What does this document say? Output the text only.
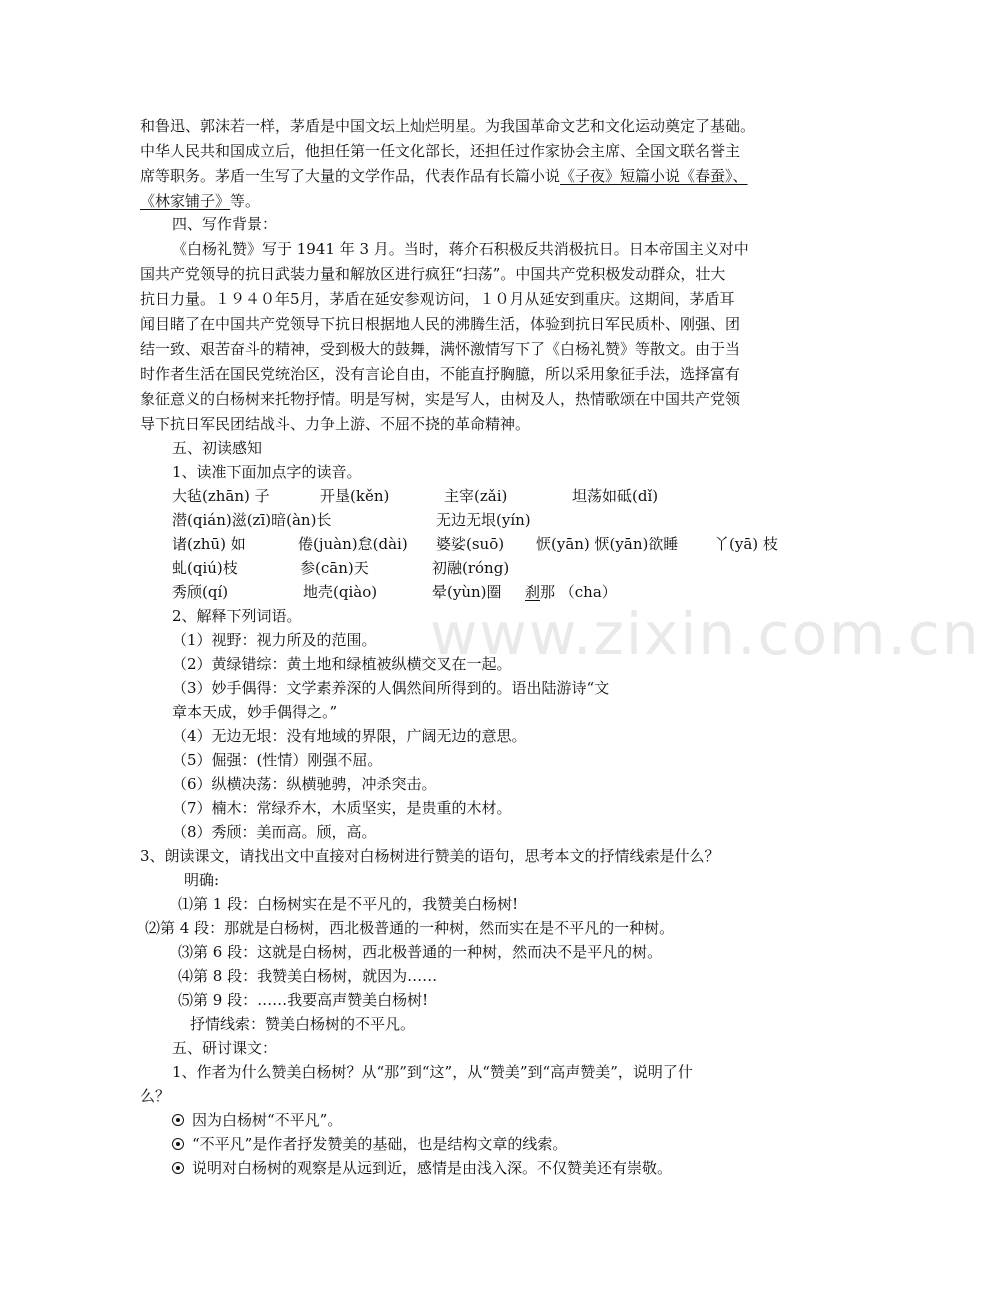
和鲁迅、郭沫若一样，茅盾是中国文坛上灿烂明星。为我国革命文艺和文化运动奠定了基础。
中华人民共和国成立后，他担任第一任文化部长，还担任过作家协会主席、全国文联名誉主
席等职务。茅盾一生写了大量的文学作品，代表作品有长篇小说《子夜》短篇小说《春蚕》、
《林家铺子》等。
四、写作背景：
《白杨礼赞》写于 1941 年 3 月。当时，蒋介石积极反共消极抗日。日本帝国主义对中
国共产党领导的抗日武装力量和解放区进行疯狂“扫荡”。中国共产党积极发动群众，壮大
抗日力量。１９４０年5月，茅盾在延安参观访问，１０月从延安到重庆。这期间，茅盾耳
闻目睹了在中国共产党领导下抗日根据地人民的沸腾生活，体验到抗日军民质朴、刚强、团
结一致、艰苦奋斗的精神，受到极大的鼓舞，满怀激情写下了《白杨礼赞》等散文。由于当
时作者生活在国民党统治区，没有言论自由，不能直抒胸臆，所以采用象征手法，选择富有
象征意义的白杨树来托物抒情。明是写树，实是写人，由树及人，热情歌颂在中国共产党领
导下抗日军民团结战斗、力争上游、不屈不挠的革命精神。
五、初读感知
1、读准下面加点字的读音。
大毡(zhān) 子	开垦(kěn)	主宰(zǎi)	坦荡如砥(dǐ)
潜(qián)滋(zī)暗(àn)长	无边无垠(yín)
诸(zhū) 如	倦(juàn)怠(dài) 婆娑(suō) 恹(yān) 恹(yān)欲睡 丫(yā) 枝
虬(qiú)枝	参(cān)天	初融(róng)
秀颀(qí)	地壳(qiào)	晕(yùn)圈 刹那 （cha）
2、解释下列词语。
（1）视野：视力所及的范围。
（2）黄绿错综：黄土地和绿植被纵横交叉在一起。
（3）妙手偶得：文学素养深的人偶然间所得到的。语出陆游诗“文
章本天成，妙手偶得之。”
（4）无边无垠：没有地域的界限，广阔无边的意思。
（5）倔强：(性情）刚强不屈。
（6）纵横决荡：纵横驰骋，冲杀突击。
（7）楠木：常绿乔木，木质坚实，是贵重的木材。
（8）秀颀：美而高。颀，高。
3、朗读课文，请找出文中直接对白杨树进行赞美的语句，思考本文的抒情线索是什么？
明确:
⑴第 1 段：白杨树实在是不平凡的，我赞美白杨树!
⑵第 4 段：那就是白杨树，西北极普通的一种树，然而实在是不平凡的一种树。
⑶第 6 段：这就是白杨树，西北极普通的一种树，然而决不是平凡的树。
⑷第 8 段：我赞美白杨树，就因为……
⑸第 9 段：……我要高声赞美白杨树!
抒情线索：赞美白杨树的不平凡。
五、研讨课文：
1、作者为什么赞美白杨树？从“那”到“这”，从“赞美”到“高声赞美”，说明了什
么？
因为白杨树“不平凡”。
“不平凡”是作者抒发赞美的基础，也是结构文章的线索。
说明对白杨树的观察是从远到近，感情是由浅入深。不仅赞美还有崇敬。
www.zixin.com.cn
